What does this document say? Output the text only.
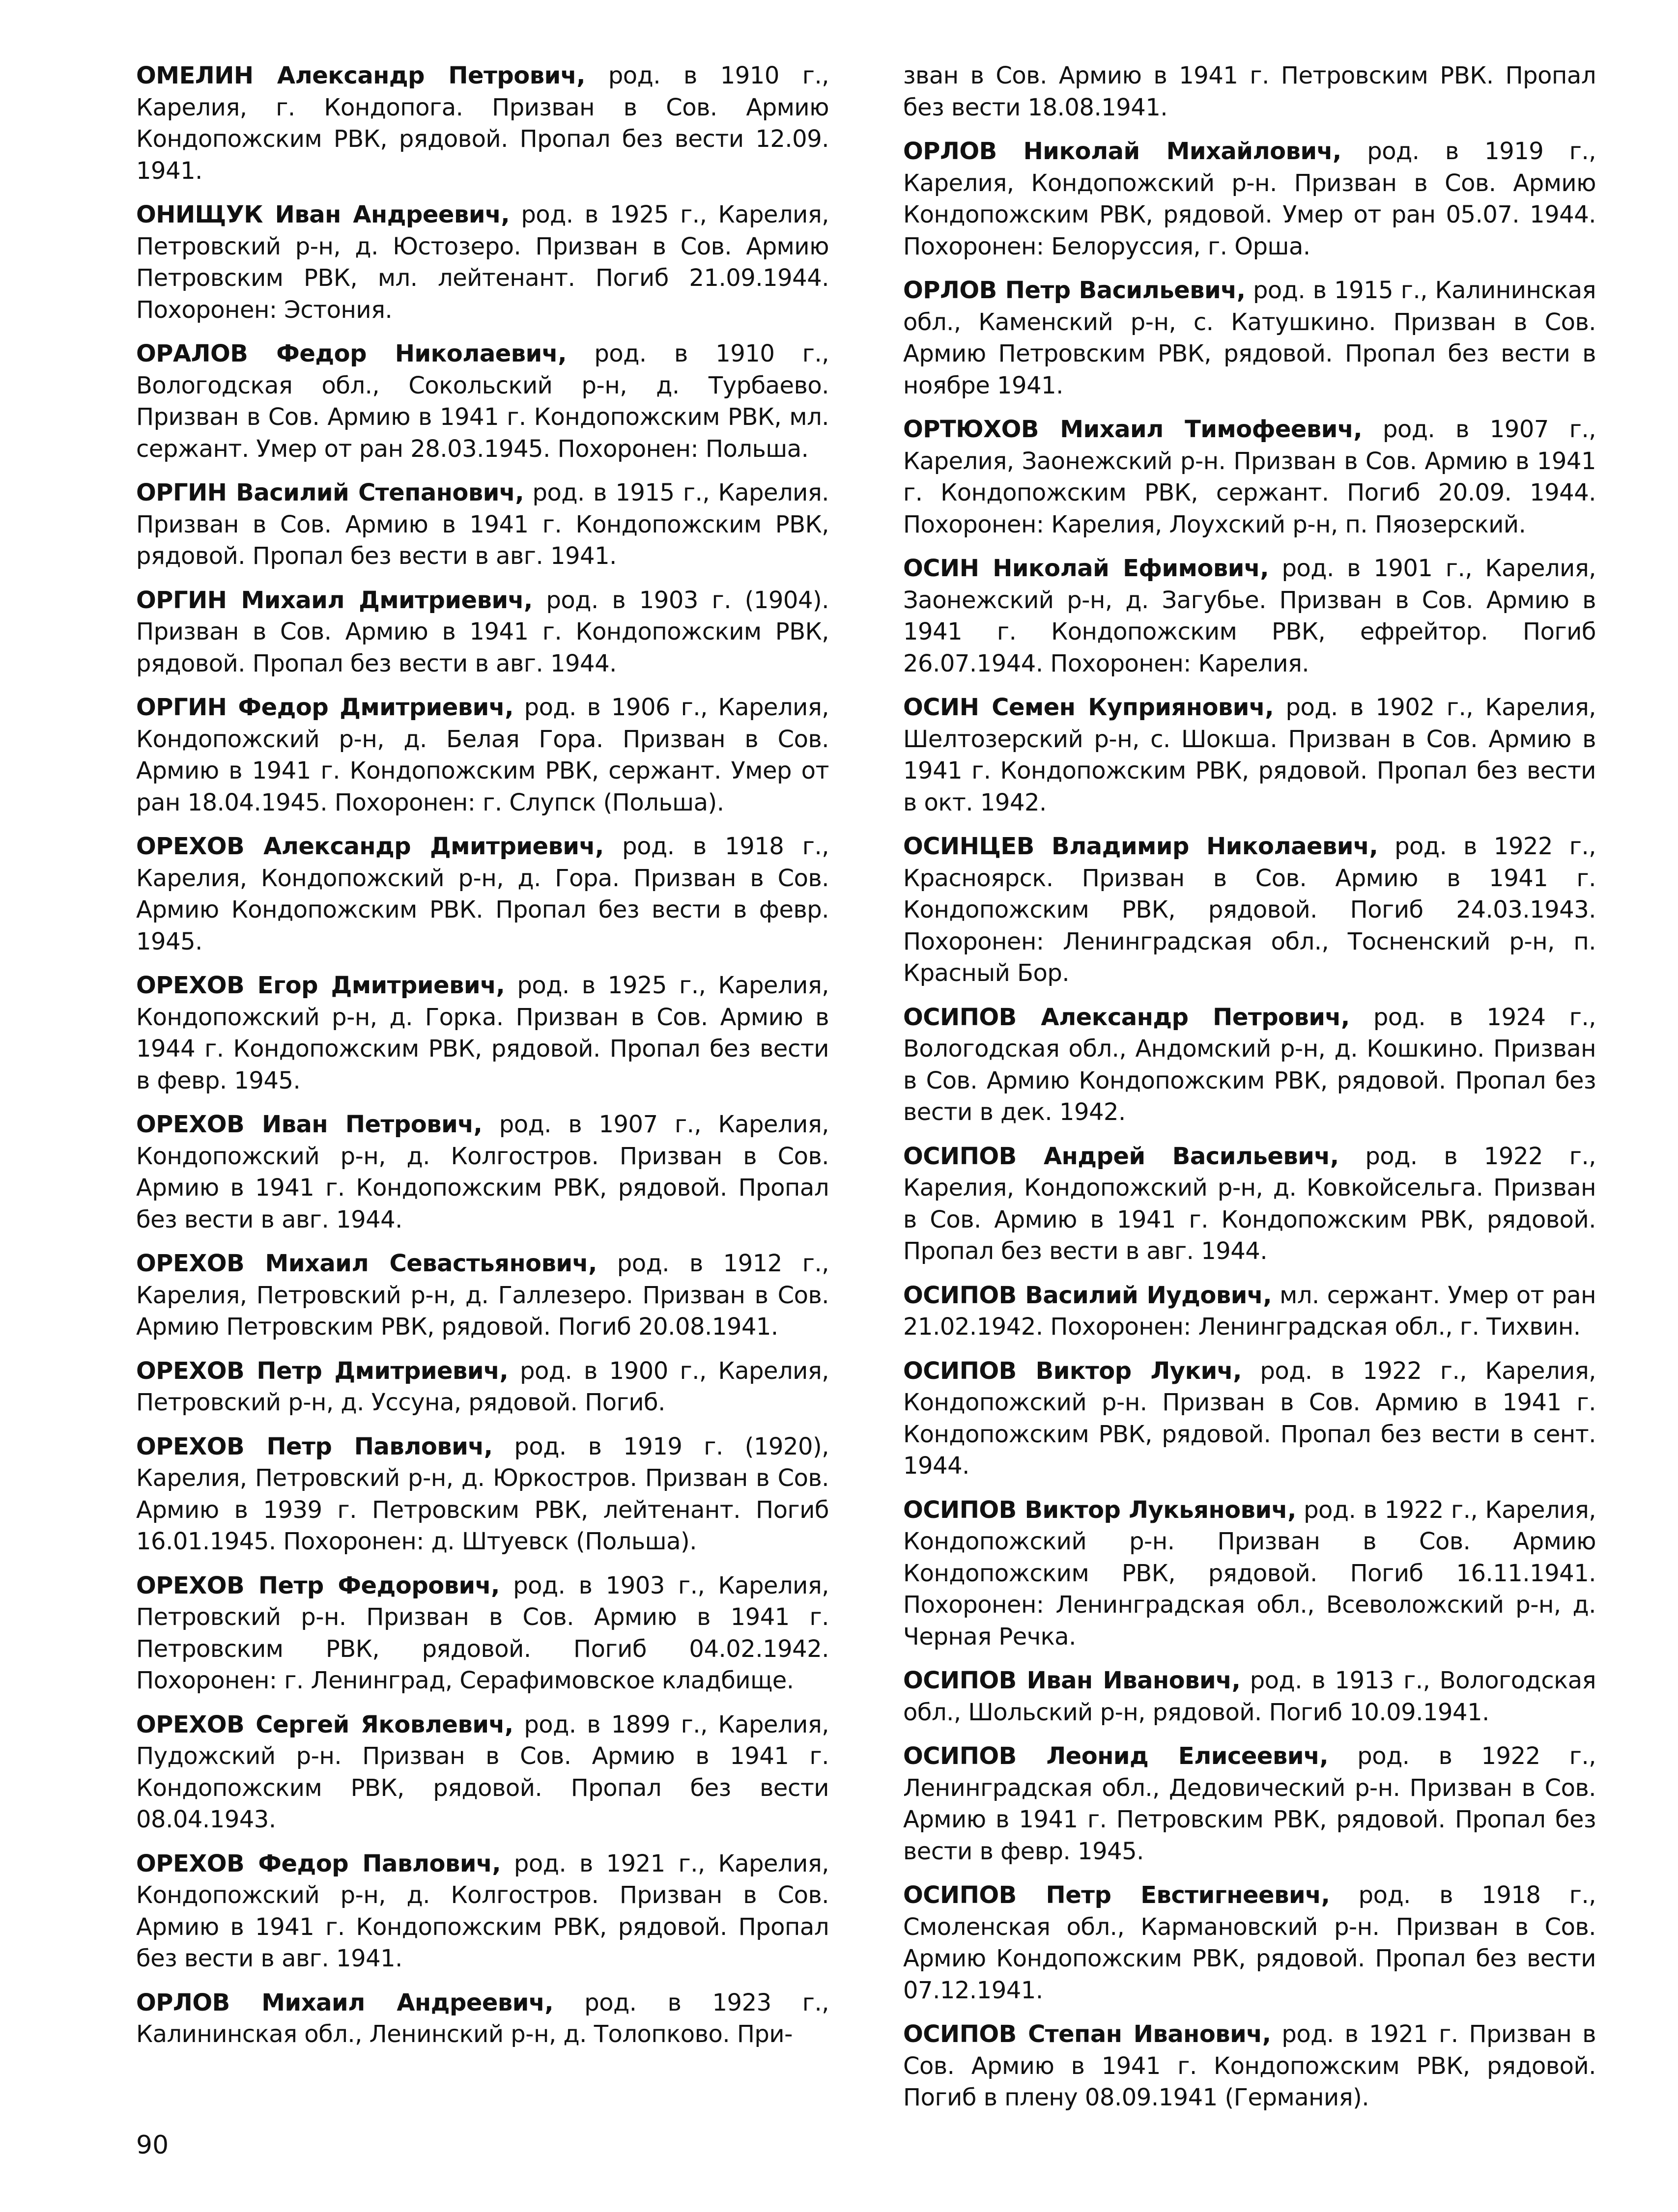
ОМЕЛИН Александр Петрович, род. в 1910 г., Карелия, г. Кондопога. Призван в Сов. Армию Кондопожским РВК, рядовой. Пропал без вести 12.09. 1941.

ОНИЩУК Иван Андреевич, род. в 1925 г., Карелия, Петровский р-н, д. Юстозеро. Призван в Сов. Армию Петровским РВК, мл. лейтенант. Погиб 21.09.1944. Похоронен: Эстония.

ОРАЛОВ Федор Николаевич, род. в 1910 г., Вологодская обл., Сокольский р-н, д. Турбаево. Призван в Сов. Армию в 1941 г. Кондопожским РВК, мл. сержант. Умер от ран 28.03.1945. Похоронен: Польша.

ОРГИН Василий Степанович, род. в 1915 г., Карелия. Призван в Сов. Армию в 1941 г. Кондопожским РВК, рядовой. Пропал без вести в авг. 1941.

ОРГИН Михаил Дмитриевич, род. в 1903 г. (1904). Призван в Сов. Армию в 1941 г. Кондопожским РВК, рядовой. Пропал без вести в авг. 1944.

ОРГИН Федор Дмитриевич, род. в 1906 г., Карелия, Кондопожский р-н, д. Белая Гора. Призван в Сов. Армию в 1941 г. Кондопожским РВК, сержант. Умер от ран 18.04.1945. Похоронен: г. Слупск (Польша).

ОРЕХОВ Александр Дмитриевич, род. в 1918 г., Карелия, Кондопожский р-н, д. Гора. Призван в Сов. Армию Кондопожским РВК. Пропал без вести в февр. 1945.

ОРЕХОВ Егор Дмитриевич, род. в 1925 г., Карелия, Кондопожский р-н, д. Горка. Призван в Сов. Армию в 1944 г. Кондопожским РВК, рядовой. Пропал без вести в февр. 1945.

ОРЕХОВ Иван Петрович, род. в 1907 г., Карелия, Кондопожский р-н, д. Колгостров. Призван в Сов. Армию в 1941 г. Кондопожским РВК, рядовой. Пропал без вести в авг. 1944.

ОРЕХОВ Михаил Севастьянович, род. в 1912 г., Карелия, Петровский р-н, д. Галлезеро. Призван в Сов. Армию Петровским РВК, рядовой. Погиб 20.08.1941.

ОРЕХОВ Петр Дмитриевич, род. в 1900 г., Карелия, Петровский р-н, д. Уссуна, рядовой. Погиб.

ОРЕХОВ Петр Павлович, род. в 1919 г. (1920), Карелия, Петровский р-н, д. Юркостров. Призван в Сов. Армию в 1939 г. Петровским РВК, лейтенант. Погиб 16.01.1945. Похоронен: д. Штуевск (Польша).

ОРЕХОВ Петр Федорович, род. в 1903 г., Карелия, Петровский р-н. Призван в Сов. Армию в 1941 г. Петровским РВК, рядовой. Погиб 04.02.1942. Похоронен: г. Ленинград, Серафимовское кладбище.

ОРЕХОВ Сергей Яковлевич, род. в 1899 г., Карелия, Пудожский р-н. Призван в Сов. Армию в 1941 г. Кондопожским РВК, рядовой. Пропал без вести 08.04.1943.

ОРЕХОВ Федор Павлович, род. в 1921 г., Карелия, Кондопожский р-н, д. Колгостров. Призван в Сов. Армию в 1941 г. Кондопожским РВК, рядовой. Пропал без вести в авг. 1941.

ОРЛОВ Михаил Андреевич, род. в 1923 г., Калининская обл., Ленинский р-н, д. Толопково. При-

зван в Сов. Армию в 1941 г. Петровским РВК. Пропал без вести 18.08.1941.

ОРЛОВ Николай Михайлович, род. в 1919 г., Карелия, Кондопожский р-н. Призван в Сов. Армию Кондопожским РВК, рядовой. Умер от ран 05.07. 1944. Похоронен: Белоруссия, г. Орша.

ОРЛОВ Петр Васильевич, род. в 1915 г., Калининская обл., Каменский р-н, с. Катушкино. Призван в Сов. Армию Петровским РВК, рядовой. Пропал без вести в ноябре 1941.

ОРТЮХОВ Михаил Тимофеевич, род. в 1907 г., Карелия, Заонежский р-н. Призван в Сов. Армию в 1941 г. Кондопожским РВК, сержант. Погиб 20.09. 1944. Похоронен: Карелия, Лоухский р-н, п. Пяозерский.

ОСИН Николай Ефимович, род. в 1901 г., Карелия, Заонежский р-н, д. Загубье. Призван в Сов. Армию в 1941 г. Кондопожским РВК, ефрейтор. Погиб 26.07.1944. Похоронен: Карелия.

ОСИН Семен Куприянович, род. в 1902 г., Карелия, Шелтозерский р-н, с. Шокша. Призван в Сов. Армию в 1941 г. Кондопожским РВК, рядовой. Пропал без вести в окт. 1942.

ОСИНЦЕВ Владимир Николаевич, род. в 1922 г., Красноярск. Призван в Сов. Армию в 1941 г. Кондопожским РВК, рядовой. Погиб 24.03.1943. Похоронен: Ленинградская обл., Тосненский р-н, п. Красный Бор.

ОСИПОВ Александр Петрович, род. в 1924 г., Вологодская обл., Андомский р-н, д. Кошкино. Призван в Сов. Армию Кондопожским РВК, рядовой. Пропал без вести в дек. 1942.

ОСИПОВ Андрей Васильевич, род. в 1922 г., Карелия, Кондопожский р-н, д. Ковкойсельга. Призван в Сов. Армию в 1941 г. Кондопожским РВК, рядовой. Пропал без вести в авг. 1944.

ОСИПОВ Василий Иудович, мл. сержант. Умер от ран 21.02.1942. Похоронен: Ленинградская обл., г. Тихвин.

ОСИПОВ Виктор Лукич, род. в 1922 г., Карелия, Кондопожский р-н. Призван в Сов. Армию в 1941 г. Кондопожским РВК, рядовой. Пропал без вести в сент. 1944.

ОСИПОВ Виктор Лукьянович, род. в 1922 г., Карелия, Кондопожский р-н. Призван в Сов. Армию Кондопожским РВК, рядовой. Погиб 16.11.1941. Похоронен: Ленинградская обл., Всеволожский р-н, д. Черная Речка.

ОСИПОВ Иван Иванович, род. в 1913 г., Вологодская обл., Шольский р-н, рядовой. Погиб 10.09.1941.

ОСИПОВ Леонид Елисеевич, род. в 1922 г., Ленинградская обл., Дедовический р-н. Призван в Сов. Армию в 1941 г. Петровским РВК, рядовой. Пропал без вести в февр. 1945.

ОСИПОВ Петр Евстигнеевич, род. в 1918 г., Смоленская обл., Кармановский р-н. Призван в Сов. Армию Кондопожским РВК, рядовой. Пропал без вести 07.12.1941.

ОСИПОВ Степан Иванович, род. в 1921 г. Призван в Сов. Армию в 1941 г. Кондопожским РВК, рядовой. Погиб в плену 08.09.1941 (Германия).

90
